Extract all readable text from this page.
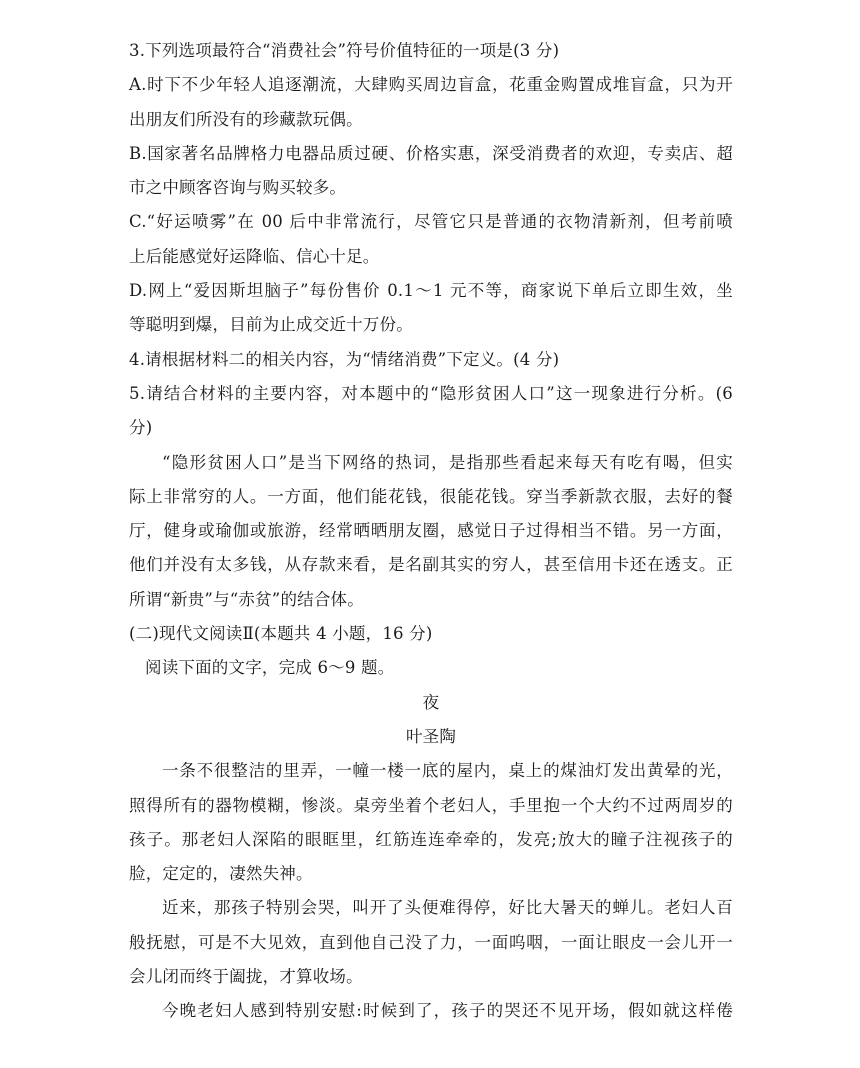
3.下列选项最符合“消费社会”符号价值特征的一项是(3 分)
A.时下不少年轻人追逐潮流，大肆购买周边盲盒，花重金购置成堆盲盒，只为开
出朋友们所没有的珍藏款玩偶。
B.国家著名品牌格力电器品质过硬、价格实惠，深受消费者的欢迎，专卖店、超
市之中顾客咨询与购买较多。
C.“好运喷雾”在 00 后中非常流行，尽管它只是普通的衣物清新剂，但考前喷
上后能感觉好运降临、信心十足。
D.网上“爱因斯坦脑子”每份售价 0.1～1 元不等，商家说下单后立即生效，坐
等聪明到爆，目前为止成交近十万份。
4.请根据材料二的相关内容，为“情绪消费”下定义。(4 分)
5.请结合材料的主要内容，对本题中的“隐形贫困人口”这一现象进行分析。(6
分)
“隐形贫困人口”是当下网络的热词，是指那些看起来每天有吃有喝，但实
际上非常穷的人。一方面，他们能花钱，很能花钱。穿当季新款衣服，去好的餐
厅，健身或瑜伽或旅游，经常晒晒朋友圈，感觉日子过得相当不错。另一方面，
他们并没有太多钱，从存款来看，是名副其实的穷人，甚至信用卡还在透支。正
所谓“新贵”与“赤贫”的结合体。
(二)现代文阅读Ⅱ(本题共 4 小题，16 分)
阅读下面的文字，完成 6～9 题。
夜
叶圣陶
一条不很整洁的里弄，一幢一楼一底的屋内，桌上的煤油灯发出黄晕的光，
照得所有的器物模糊，惨淡。桌旁坐着个老妇人，手里抱一个大约不过两周岁的
孩子。那老妇人深陷的眼眶里，红筋连连牵牵的，发亮;放大的瞳子注视孩子的
脸，定定的，凄然失神。
近来，那孩子特别会哭，叫开了头便难得停，好比大暑天的蝉儿。老妇人百
般抚慰，可是不大见效，直到他自己没了力，一面呜咽，一面让眼皮一会儿开一
会儿闭而终于阖拢，才算收场。
今晚老妇人感到特别安慰:时候到了，孩子的哭还不见开场，假如就这样倦
